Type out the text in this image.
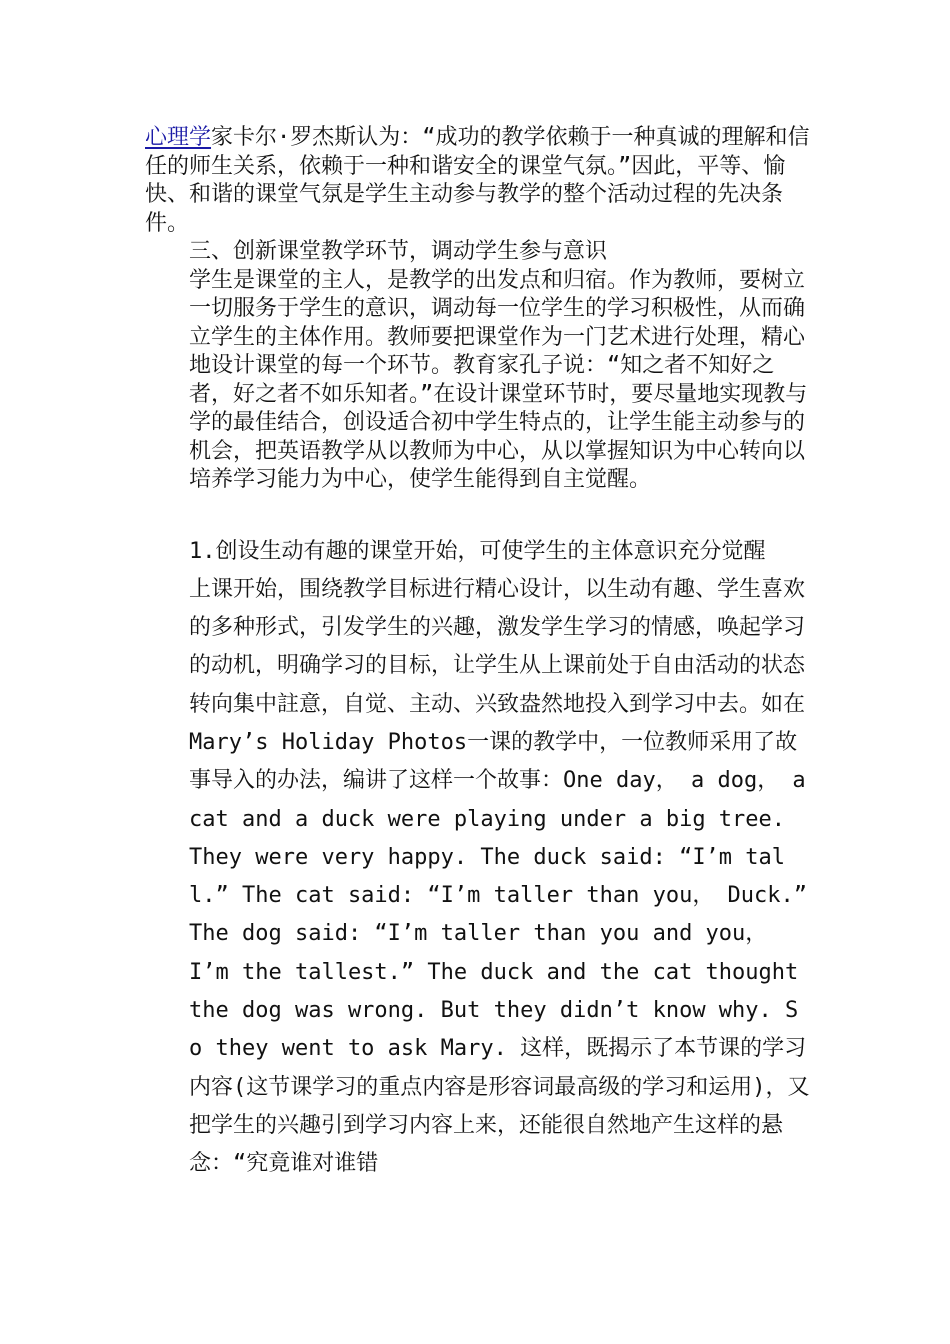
心理学家卡尔·罗杰斯认为：“成功的教学依赖于一种真诚的理解和信任的师生关系，依赖于一种和谐安全的课堂气氛。”因此，平等、愉快、和谐的课堂气氛是学生主动参与教学的整个活动过程的先决条件。

三、创新课堂教学环节，调动学生参与意识

学生是课堂的主人，是教学的出发点和归宿。作为教师，要树立一切服务于学生的意识，调动每一位学生的学习积极性，从而确立学生的主体作用。教师要把课堂作为一门艺术进行处理，精心地设计课堂的每一个环节。教育家孔子说：“知之者不知好之者，好之者不如乐知者。”在设计课堂环节时，要尽量地实现教与学的最佳结合，创设适合初中学生特点的，让学生能主动参与的机会，把英语教学从以教师为中心，从以掌握知识为中心转向以培养学习能力为中心，使学生能得到自主觉醒。

1.创设生动有趣的课堂开始，可使学生的主体意识充分觉醒

上课开始，围绕教学目标进行精心设计，以生动有趣、学生喜欢的多种形式，引发学生的兴趣，激发学生学习的情感，唤起学习的动机，明确学习的目标，让学生从上课前处于自由活动的状态转向集中註意，自觉、主动、兴致盎然地投入到学习中去。如在Mary’s Holiday Photos一课的教学中，一位教师采用了故事导入的办法，编讲了这样一个故事：One day， a dog， a cat and a duck were playing under a big tree. They were very happy. The duck said: “I’m tall.” The cat said: “I’m taller than you， Duck.” The dog said: “I’m taller than you and you， I’m the tallest.” The duck and the cat thought the dog was wrong. But they didn’t know why. So they went to ask Mary. 这样，既揭示了本节课的学习内容(这节课学习的重点内容是形容词最高级的学习和运用)，又把学生的兴趣引到学习内容上来，还能很自然地产生这样的悬念：“究竟谁对谁错
